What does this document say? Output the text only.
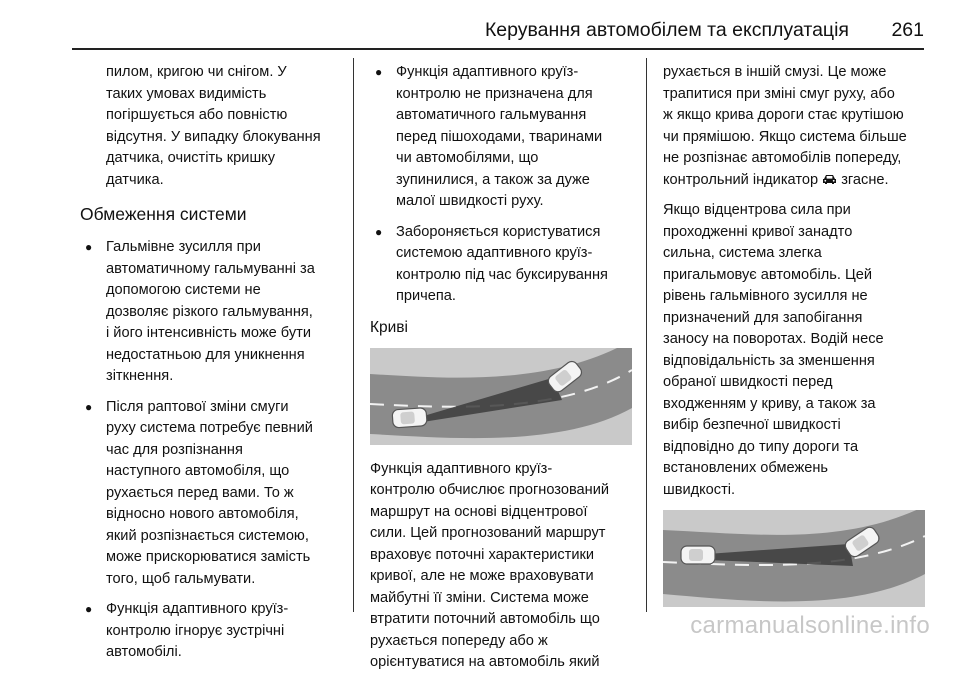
Керування автомобілем та експлуатація 261

пилом, кригою чи снігом. У
таких умовах видимість
погіршується або повністю
відсутня. У випадку блокування
датчика, очистіть кришку
датчика.

Обмеження системи
● Гальмівне зусилля при
автоматичному гальмуванні за
допомогою системи не
дозволяє різкого гальмування,
і його інтенсивність може бути
недостатньою для уникнення
зіткнення.
● Після раптової зміни смуги
руху система потребує певний
час для розпізнання
наступного автомобіля, що
рухається перед вами. То ж
відносно нового автомобіля,
який розпізнається системою,
може прискорюватися замість
того, щоб гальмувати.
● Функція адаптивного круїз-
контролю ігнорує зустрічні
автомобілі.
● Функція адаптивного круїз-
контролю не призначена для
автоматичного гальмування
перед пішоходами, тваринами
чи автомобілями, що
зупинилися, а також за дуже
малої швидкості руху.
● Забороняється користуватися
системою адаптивного круїз-
контролю під час буксирування
причепа.
Криві

Функція адаптивного круїз-
контролю обчислює прогнозований
маршрут на основі відцентрової
сили. Цей прогнозований маршрут
враховує поточні характеристики
кривої, але не може враховувати
майбутні її зміни. Система може
втратити поточний автомобіль що
рухається попереду або ж
орієнтуватися на автомобіль який

рухається в іншій смузі. Це може
трапитися при зміні смуг руху, або
ж якщо крива дороги стає крутішою
чи прямішою. Якщо система більше
не розпізнає автомобілів попереду,
контрольний індикатор згасне.

Якщо відцентрова сила при
проходженні кривої занадто
сильна, система злегка
пригальмовує автомобіль. Цей
рівень гальмівного зусилля не
призначений для запобігання
заносу на поворотах. Водій несе
відповідальність за зменшення
обраної швидкості перед
входженням у криву, а також за
вибір безпечної швидкості
відповідно до типу дороги та
встановлених обмежень
швидкості.

carmanualsonline.info
